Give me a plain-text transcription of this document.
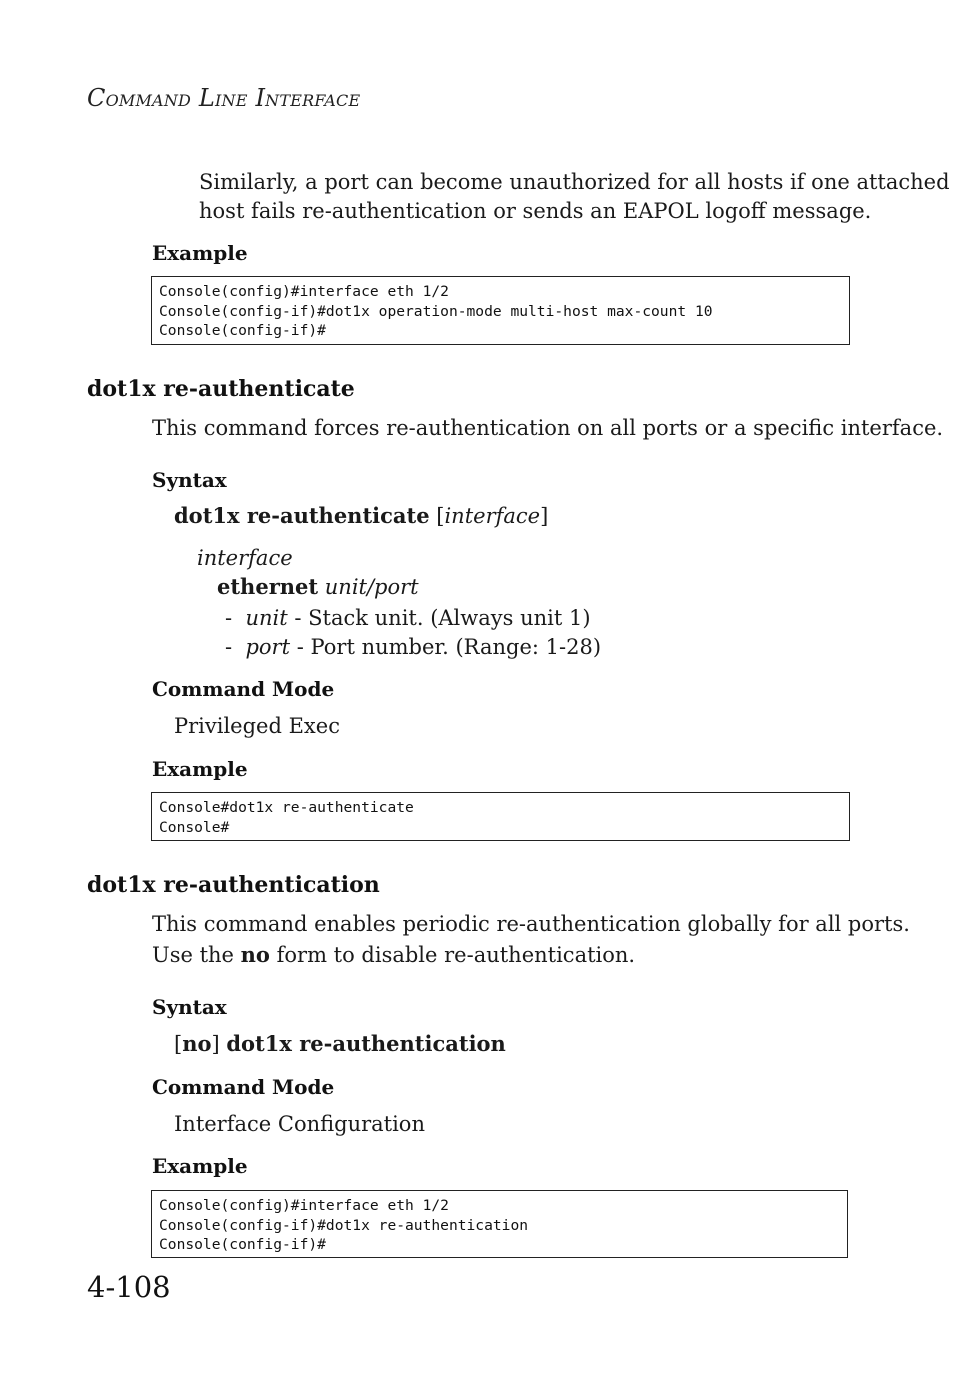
COMMAND LINE INTERFACE
Similarly, a port can become unauthorized for all hosts if one attached
host fails re-authentication or sends an EAPOL logoff message.
Example
Console(config)#interface eth 1/2
Console(config-if)#dot1x operation-mode multi-host max-count 10
Console(config-if)#
dot1x re-authenticate
This command forces re-authentication on all ports or a specific interface.
Syntax
dot1x re-authenticate [interface]
interface
ethernet unit/port
- unit - Stack unit. (Always unit 1)
- port - Port number. (Range: 1-28)
Command Mode
Privileged Exec
Example
Console#dot1x re-authenticate
Console#
dot1x re-authentication
This command enables periodic re-authentication globally for all ports.
Use the no form to disable re-authentication.
Syntax
[no] dot1x re-authentication
Command Mode
Interface Configuration
Example
Console(config)#interface eth 1/2
Console(config-if)#dot1x re-authentication
Console(config-if)#
4-108
